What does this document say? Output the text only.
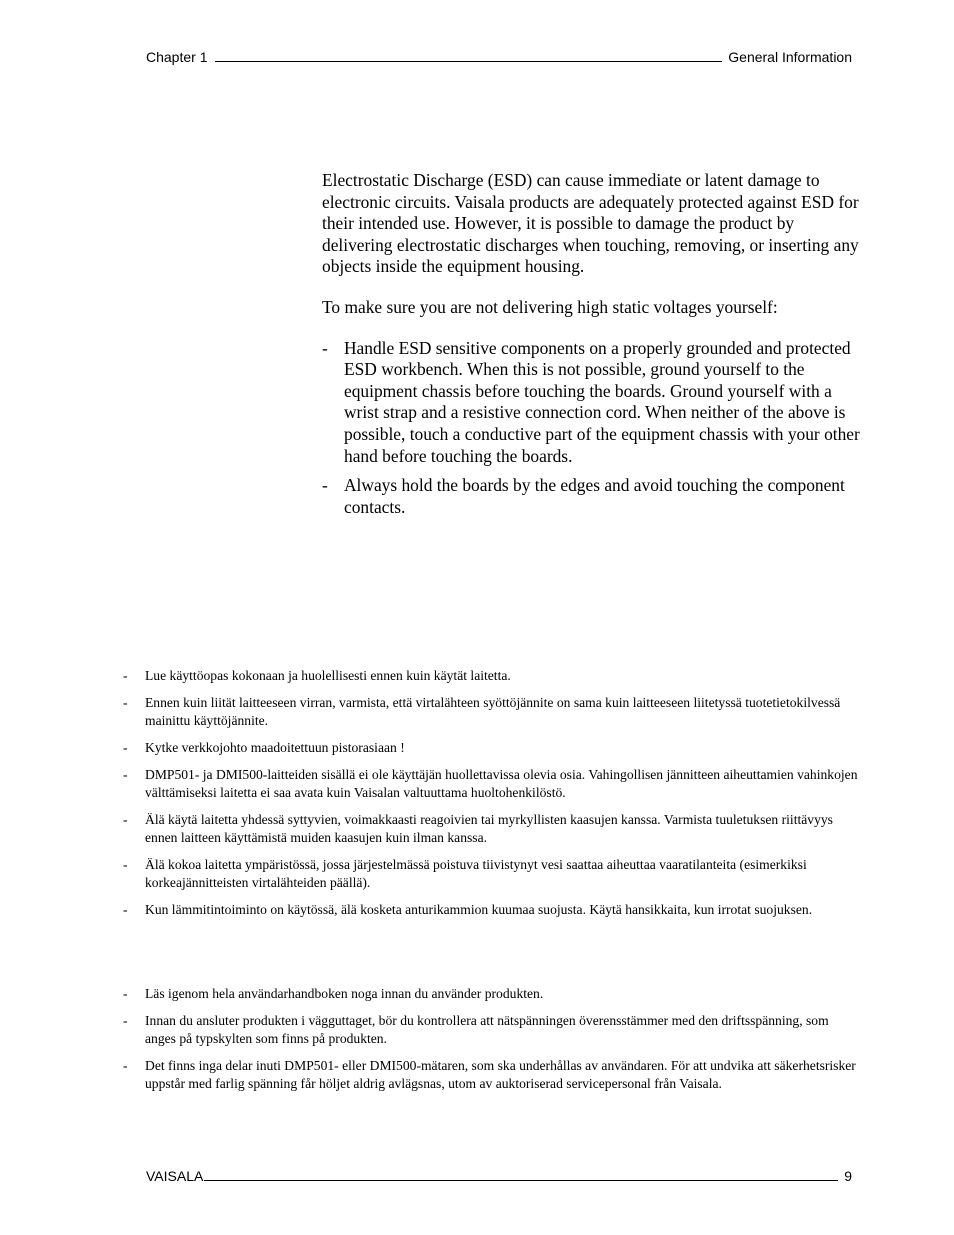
Chapter 1	General Information

Electrostatic Discharge (ESD) can cause immediate or latent damage to electronic circuits. Vaisala products are adequately protected against ESD for their intended use. However, it is possible to damage the product by delivering electrostatic discharges when touching, removing, or inserting any objects inside the equipment housing.

To make sure you are not delivering high static voltages yourself:

- Handle ESD sensitive components on a properly grounded and protected ESD workbench. When this is not possible, ground yourself to the equipment chassis before touching the boards. Ground yourself with a wrist strap and a resistive connection cord. When neither of the above is possible, touch a conductive part of the equipment chassis with your other hand before touching the boards.
- Always hold the boards by the edges and avoid touching the component contacts.
- Lue käyttöopas kokonaan ja huolellisesti ennen kuin käytät laitetta.
- Ennen kuin liität laitteeseen virran, varmista, että virtalähteen syöttöjännite on sama kuin laitteeseen liitetyssä tuotetietokilvessä mainittu käyttöjännite.
- Kytke verkkojohto maadoitettuun pistorasiaan !
- DMP501- ja DMI500-laitteiden sisällä ei ole käyttäjän huollettavissa olevia osia. Vahingollisen jännitteen aiheuttamien vahinkojen välttämiseksi laitetta ei saa avata kuin Vaisalan valtuuttama huoltohenkilöstö.
- Älä käytä laitetta yhdessä syttyvien, voimakkaasti reagoivien tai myrkyllisten kaasujen kanssa. Varmista tuuletuksen riittävyys ennen laitteen käyttämistä muiden kaasujen kuin ilman kanssa.
- Älä kokoa laitetta ympäristössä, jossa järjestelmässä poistuva tiivistynyt vesi saattaa aiheuttaa vaaratilanteita (esimerkiksi korkeajännitteisten virtalähteiden päällä).
- Kun lämmitintoiminto on käytössä, älä kosketa anturikammion kuumaa suojusta. Käytä hansikkaita, kun irrotat suojuksen.
- Läs igenom hela användarhandboken noga innan du använder produkten.
- Innan du ansluter produkten i vägguttaget, bör du kontrollera att nätspänningen överensstämmer med den driftsspänning, som anges på typskylten som finns på produkten.
- Det finns inga delar inuti DMP501- eller DMI500-mätaren, som ska underhållas av användaren. För att undvika att säkerhetsrisker uppstår med farlig spänning får höljet aldrig avlägsnas, utom av auktoriserad servicepersonal från Vaisala.
VAISALA	9
